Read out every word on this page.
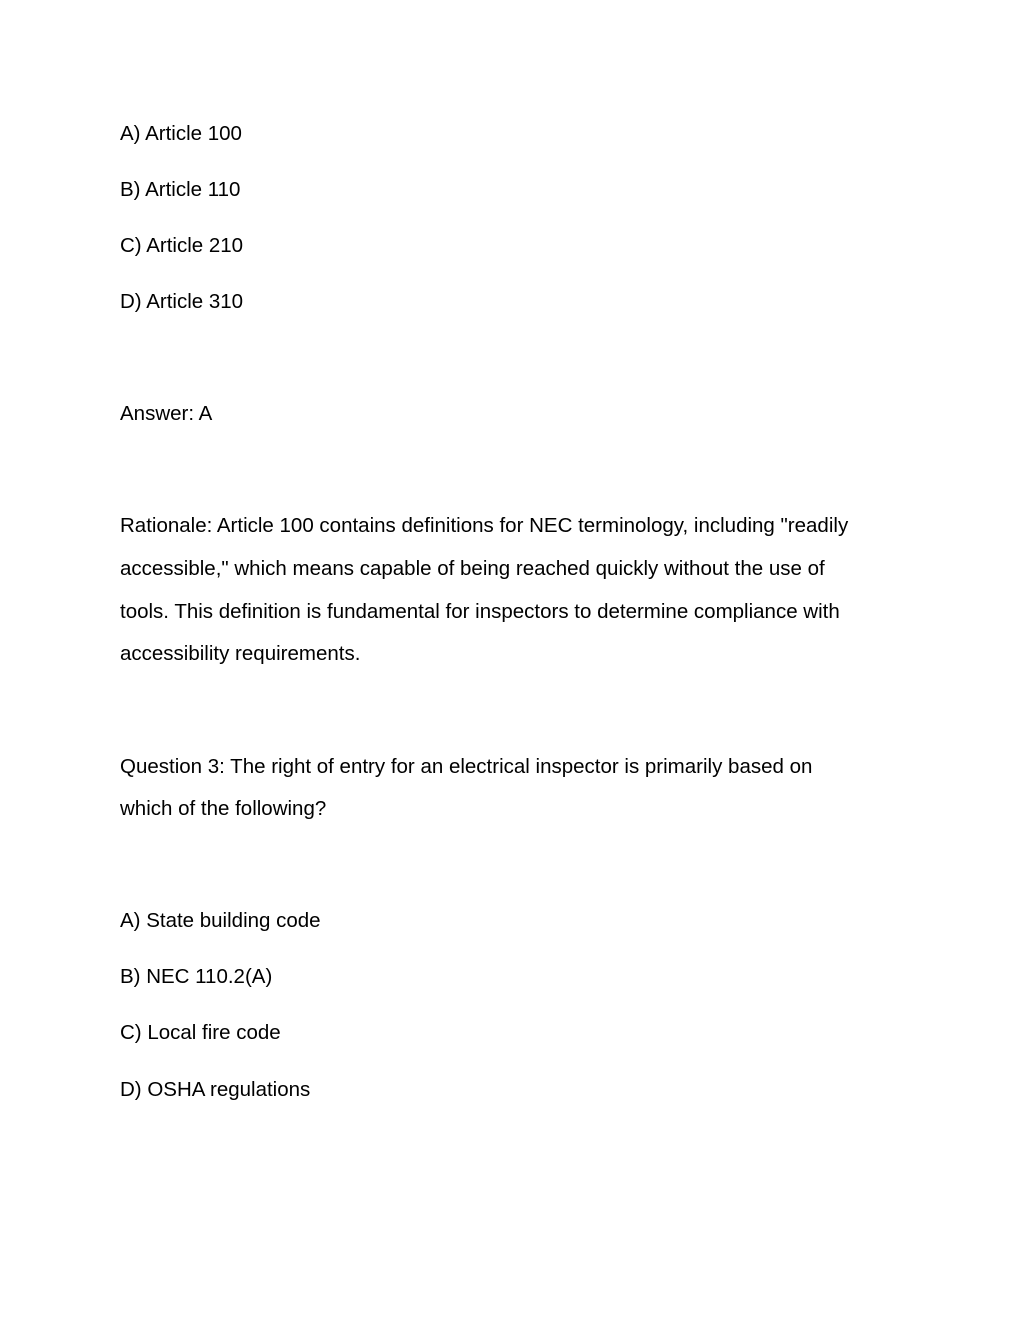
A) Article 100
B) Article 110
C) Article 210
D) Article 310
Answer: A
Rationale: Article 100 contains definitions for NEC terminology, including "readily
accessible," which means capable of being reached quickly without the use of
tools. This definition is fundamental for inspectors to determine compliance with
accessibility requirements.
Question 3: The right of entry for an electrical inspector is primarily based on
which of the following?
A) State building code
B) NEC 110.2(A)
C) Local fire code
D) OSHA regulations
